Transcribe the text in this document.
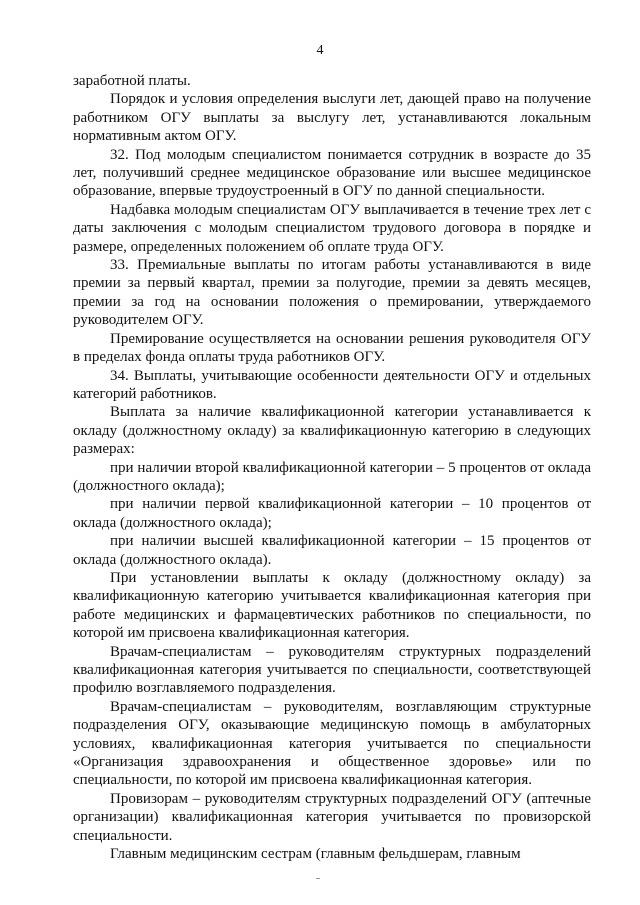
4

заработной платы.

Порядок и условия определения выслуги лет, дающей право на получение работником ОГУ выплаты за выслугу лет, устанавливаются локальным нормативным актом ОГУ.

32. Под молодым специалистом понимается сотрудник в возрасте до 35 лет, получивший среднее медицинское образование или высшее медицинское образование, впервые трудоустроенный в ОГУ по данной специальности.

Надбавка молодым специалистам ОГУ выплачивается в течение трех лет с даты заключения с молодым специалистом трудового договора в порядке и размере, определенных положением об оплате труда ОГУ.

33. Премиальные выплаты по итогам работы устанавливаются в виде премии за первый квартал, премии за полугодие, премии за девять месяцев, премии за год на основании положения о премировании, утверждаемого руководителем ОГУ.

Премирование осуществляется на основании решения руководителя ОГУ в пределах фонда оплаты труда работников ОГУ.

34. Выплаты, учитывающие особенности деятельности ОГУ и отдельных категорий работников.

Выплата за наличие квалификационной категории устанавливается к окладу (должностному окладу) за квалификационную категорию в следующих размерах:

при наличии второй квалификационной категории – 5 процентов от оклада (должностного оклада);

при наличии первой квалификационной категории – 10 процентов от оклада (должностного оклада);

при наличии высшей квалификационной категории – 15 процентов от оклада (должностного оклада).

При установлении выплаты к окладу (должностному окладу) за квалификационную категорию учитывается квалификационная категория при работе медицинских и фармацевтических работников по специальности, по которой им присвоена квалификационная категория.

Врачам-специалистам – руководителям структурных подразделений квалификационная категория учитывается по специальности, соответствующей профилю возглавляемого подразделения.

Врачам-специалистам – руководителям, возглавляющим структурные подразделения ОГУ, оказывающие медицинскую помощь в амбулаторных условиях, квалификационная категория учитывается по специальности «Организация здравоохранения и общественное здоровье» или по специальности, по которой им присвоена квалификационная категория.

Провизорам – руководителям структурных подразделений ОГУ (аптечные организации) квалификационная категория учитывается по провизорской специальности.

Главным медицинским сестрам (главным фельдшерам, главным
